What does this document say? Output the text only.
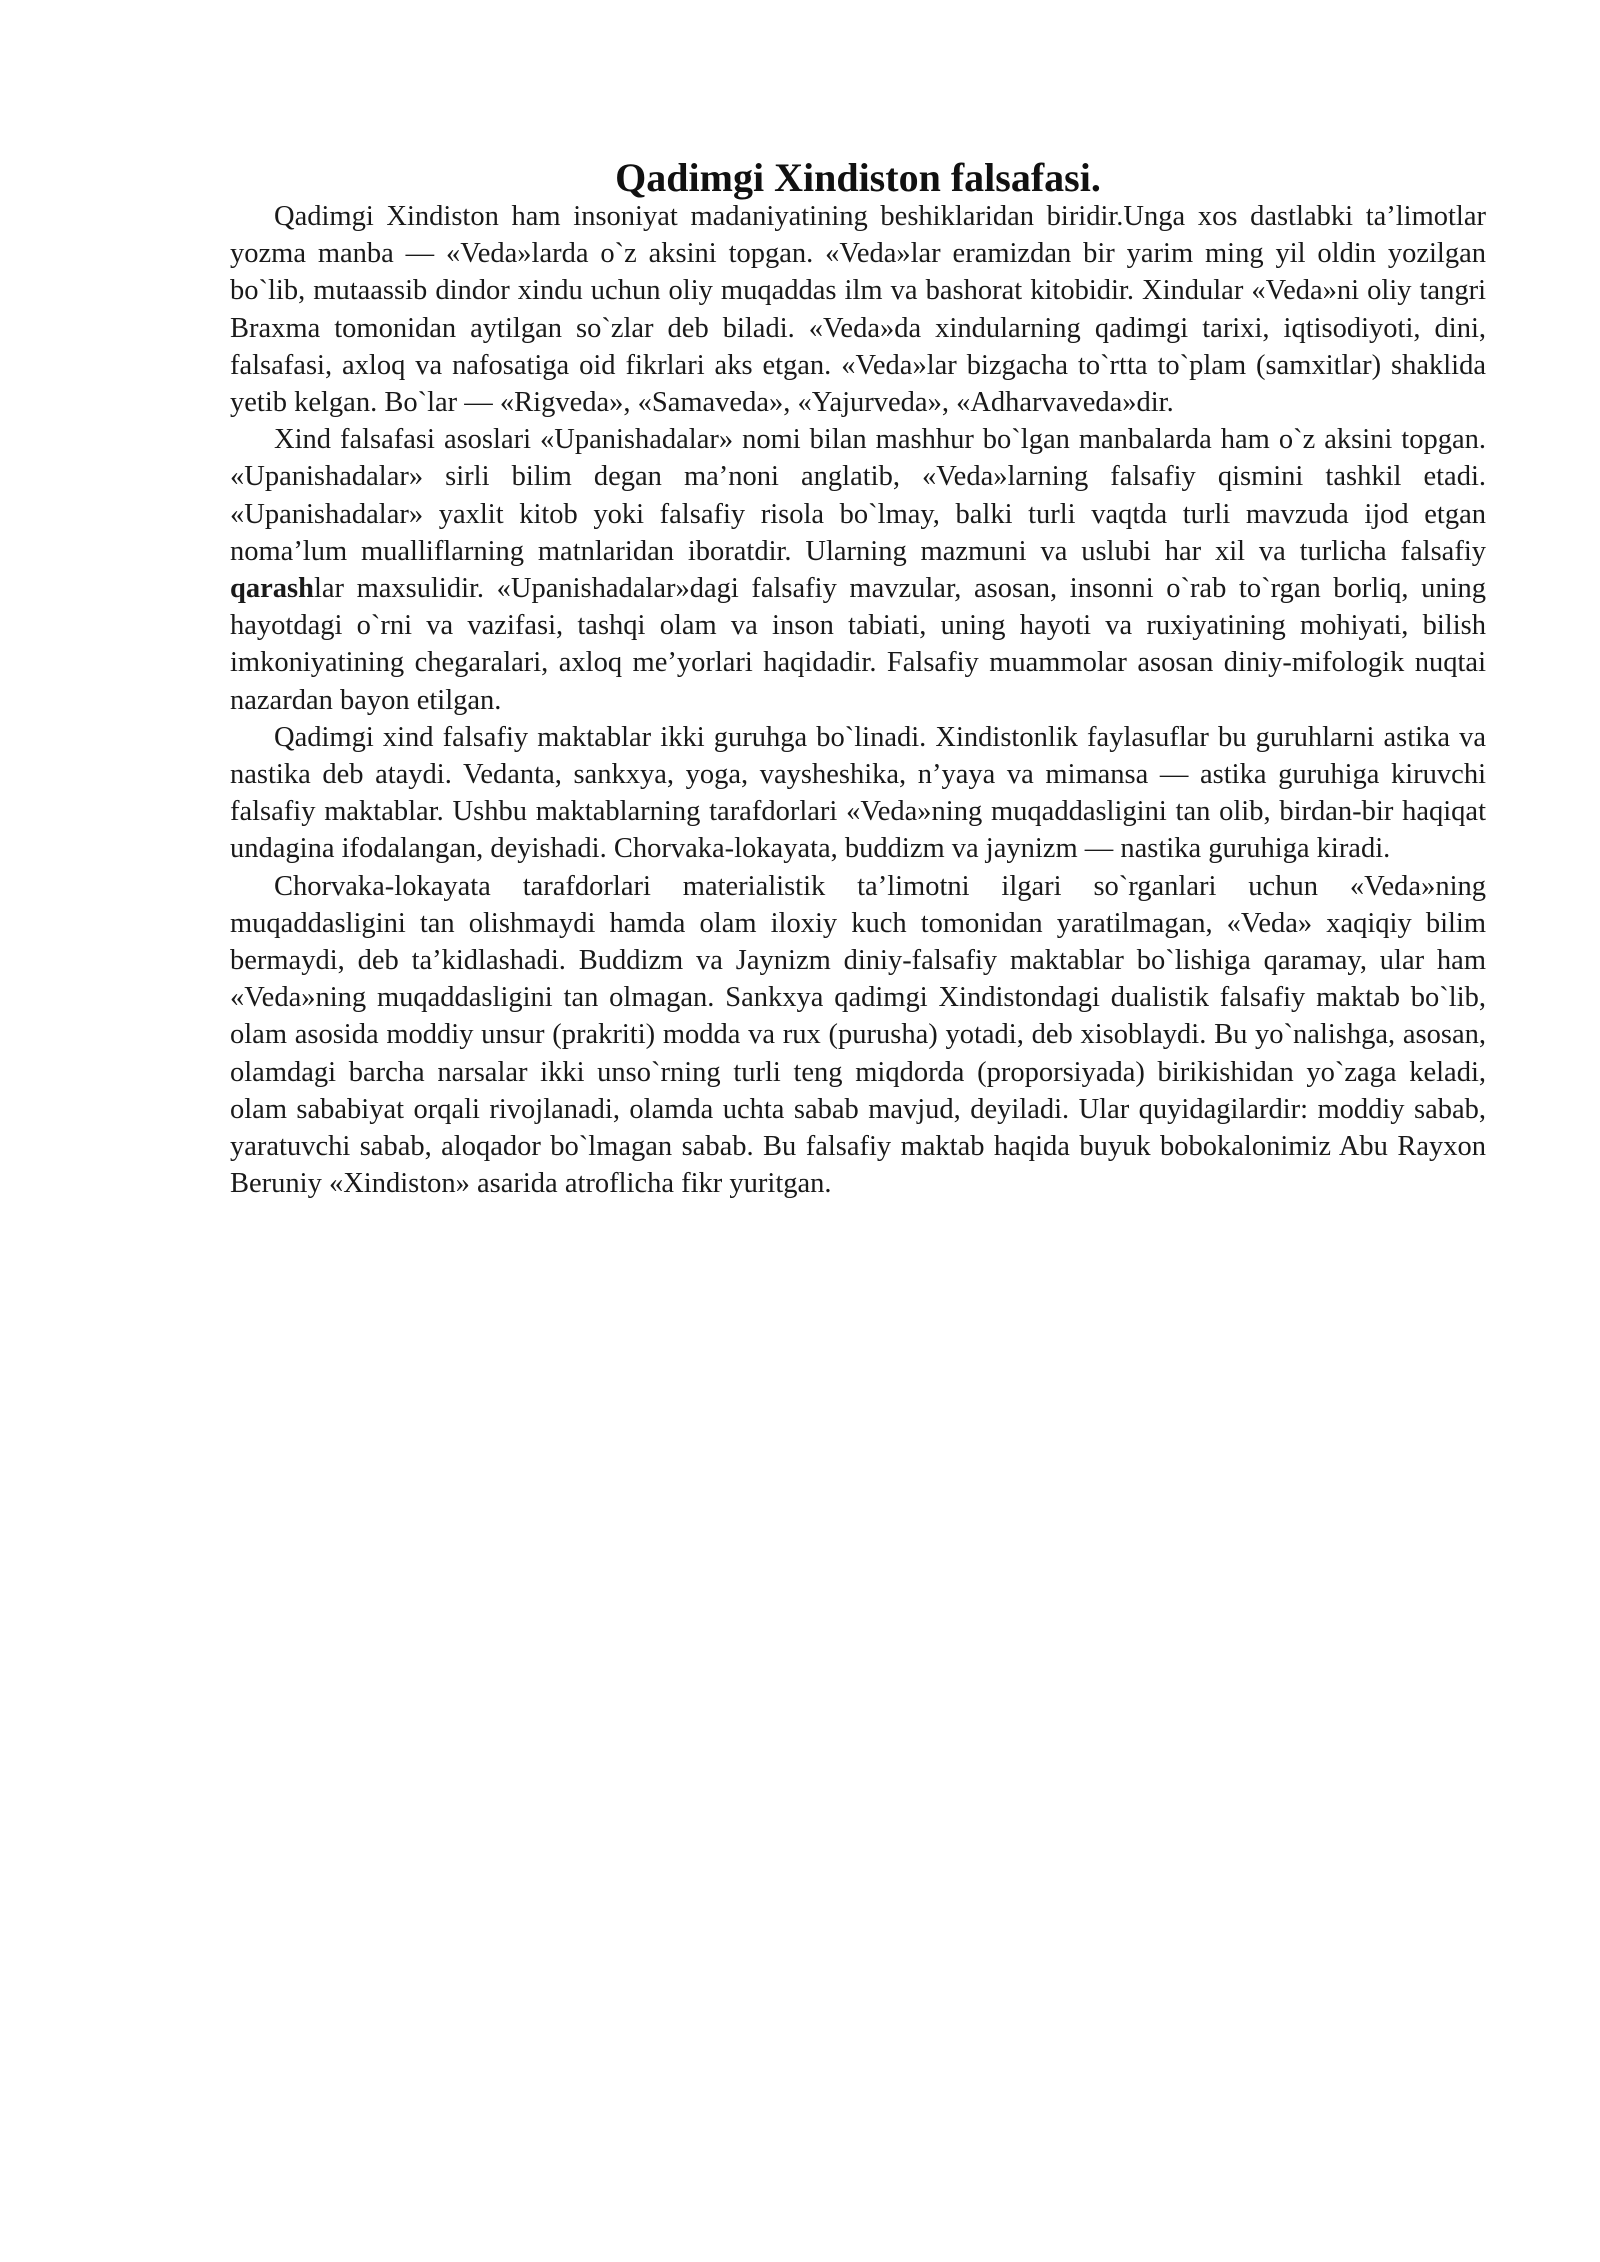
Qadimgi Xindiston falsafasi.

Qadimgi Xindiston ham insoniyat madaniyatining beshiklaridan biridir.Unga xos dastlabki ta’limotlar yozma manba — «Veda»larda o`z aksini topgan. «Veda»lar eramizdan bir yarim ming yil oldin yozilgan bo`lib, mutaassib dindor xindu uchun oliy muqaddas ilm va bashorat kitobidir. Xindular «Veda»ni oliy tangri Braxma tomonidan aytilgan so`zlar deb biladi. «Veda»da xindularning qadimgi tarixi, iqtisodiyoti, dini, falsafasi, axloq va nafosatiga oid fikrlari aks etgan. «Veda»lar bizgacha to`rtta to`plam (samxitlar) shaklida yetib kelgan. Bo`lar — «Rigveda», «Samaveda», «Yajurveda», «Adharvaveda»dir.

Xind falsafasi asoslari «Upanishadalar» nomi bilan mashhur bo`lgan manbalarda ham o`z aksini topgan. «Upanishadalar» sirli bilim degan ma’noni anglatib, «Veda»larning falsafiy qismini tashkil etadi. «Upanishadalar» yaxlit kitob yoki falsafiy risola bo`lmay, balki turli vaqtda turli mavzuda ijod etgan noma’lum mualliflarning matnlaridan iboratdir. Ularning mazmuni va uslubi har xil va turlicha falsafiy qarashlar maxsulidir. «Upanishadalar»dagi falsafiy mavzular, asosan, insonni o`rab to`rgan borliq, uning hayotdagi o`rni va vazifasi, tashqi olam va inson tabiati, uning hayoti va ruxiyatining mohiyati, bilish imkoniyatining chegaralari, axloq me’yorlari haqidadir. Falsafiy muammolar asosan diniy-mifologik nuqtai nazardan bayon etilgan.

Qadimgi xind falsafiy maktablar ikki guruhga bo`linadi. Xindistonlik faylasuflar bu guruhlarni astika va nastika deb ataydi. Vedanta, sankxya, yoga, vaysheshika, n’yaya va mimansa — astika guruhiga kiruvchi falsafiy maktablar. Ushbu maktablarning tarafdorlari «Veda»ning muqaddasligini tan olib, birdan-bir haqiqat undagina ifodalangan, deyishadi. Chorvaka-lokayata, buddizm va jaynizm — nastika guruhiga kiradi.

Chorvaka-lokayata tarafdorlari materialistik ta’limotni ilgari so`rganlari uchun «Veda»ning muqaddasligini tan olishmaydi hamda olam iloxiy kuch tomonidan yaratilmagan, «Veda» xaqiqiy bilim bermaydi, deb ta’kidlashadi. Buddizm va Jaynizm diniy-falsafiy maktablar bo`lishiga qaramay, ular ham «Veda»ning muqaddasligini tan olmagan. Sankxya qadimgi Xindistondagi dualistik falsafiy maktab bo`lib, olam asosida moddiy unsur (prakriti) modda va rux (purusha) yotadi, deb xisoblaydi. Bu yo`nalishga, asosan, olamdagi barcha narsalar ikki unso`rning turli teng miqdorda (proporsiyada) birikishidan yo`zaga keladi, olam sababiyat orqali rivojlanadi, olamda uchta sabab mavjud, deyiladi. Ular quyidagilardir: moddiy sabab, yaratuvchi sabab, aloqador bo`lmagan sabab. Bu falsafiy maktab haqida buyuk bobokalonimiz Abu Rayxon Beruniy «Xindiston» asarida atroflicha fikr yuritgan.
